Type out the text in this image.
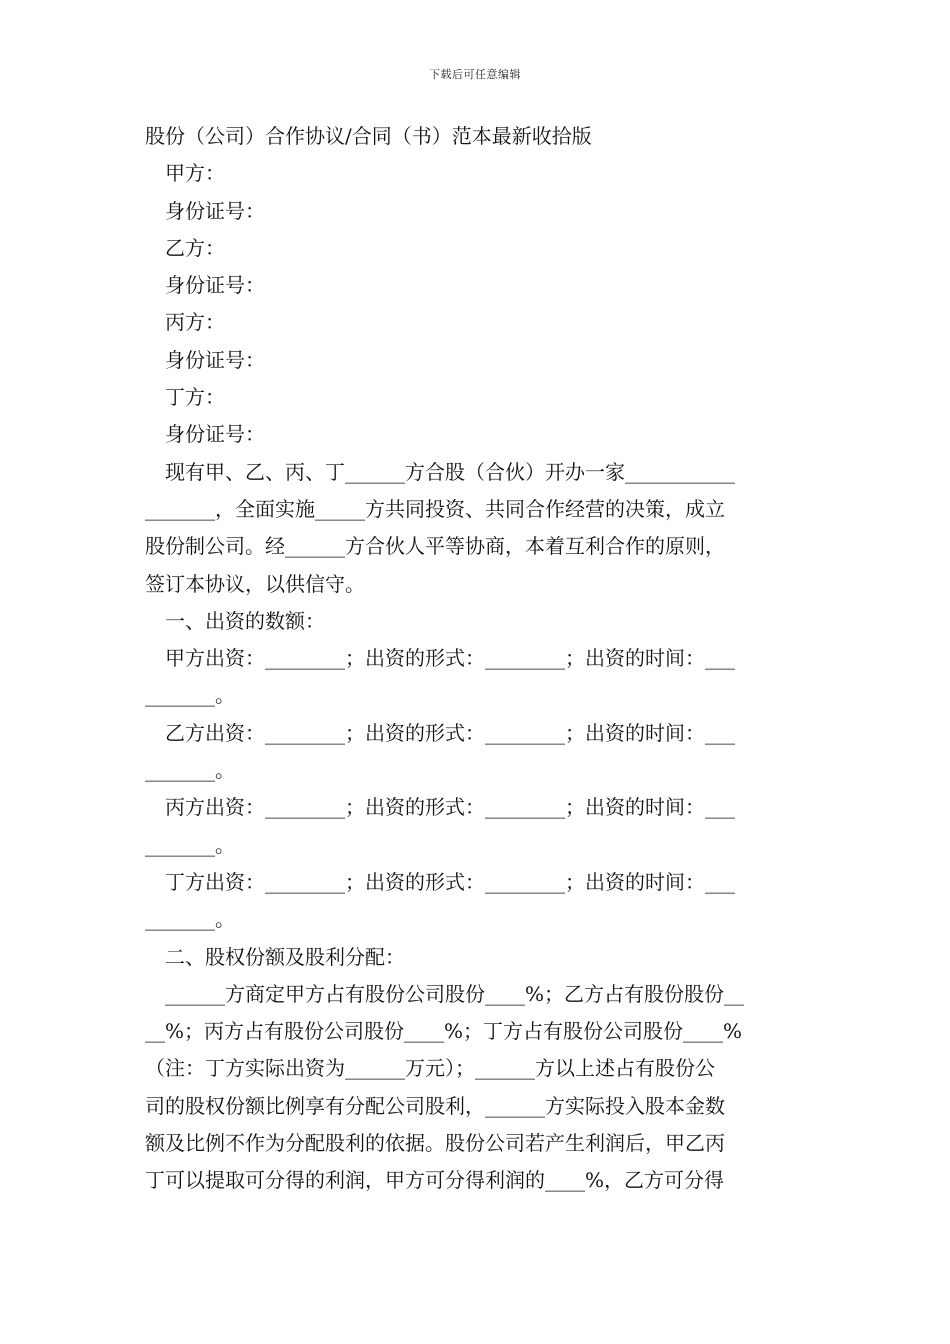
下载后可任意编辑
股份（公司）合作协议/合同（书）范本最新收拾版
甲方：
身份证号：
乙方：
身份证号：
丙方：
身份证号：
丁方：
身份证号：
现有甲、乙、丙、丁______方合股（合伙）开办一家___________
_______，全面实施_____方共同投资、共同合作经营的决策，成立
股份制公司。经______方合伙人平等协商，本着互利合作的原则，
签订本协议，以供信守。
一、出资的数额：
甲方出资：________；出资的形式：________；出资的时间：___
_______。
乙方出资：________；出资的形式：________；出资的时间：___
_______。
丙方出资：________；出资的形式：________；出资的时间：___
_______。
丁方出资：________；出资的形式：________；出资的时间：___
_______。
二、股权份额及股利分配：
______方商定甲方占有股份公司股份____%；乙方占有股份股份__
__%；丙方占有股份公司股份____%；丁方占有股份公司股份____%
（注：丁方实际出资为______万元）；______方以上述占有股份公
司的股权份额比例享有分配公司股利，______方实际投入股本金数
额及比例不作为分配股利的依据。股份公司若产生利润后，甲乙丙
丁可以提取可分得的利润，甲方可分得利润的____%，乙方可分得
